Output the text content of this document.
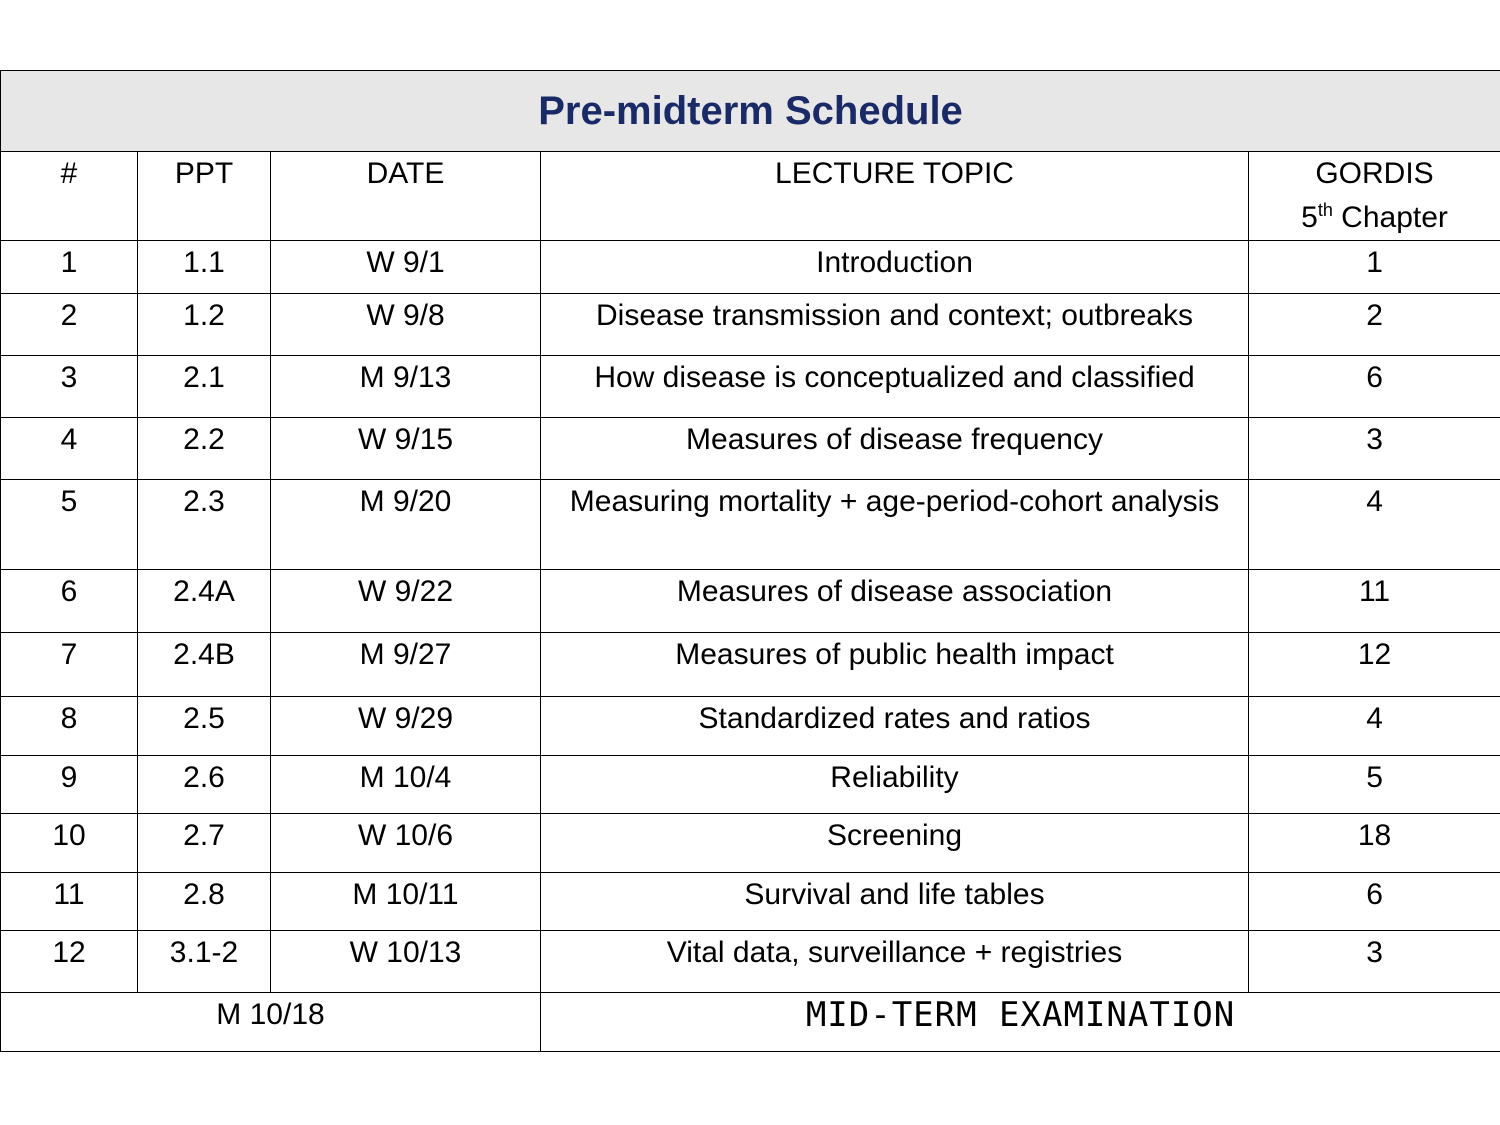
Pre-midterm Schedule				
#	PPT	DATE	LECTURE TOPIC	GORDIS
5th Chapter
1	1.1	W 9/1	Introduction	1
2	1.2	W 9/8	Disease transmission and context; outbreaks	2
3	2.1	M 9/13	How disease is conceptualized and classified	6
4	2.2	W 9/15	Measures of disease frequency	3
5	2.3	M 9/20	Measuring mortality + age-period-cohort analysis	4
6	2.4A	W 9/22	Measures of disease association	11
7	2.4B	M 9/27	Measures of public health impact	12
8	2.5	W 9/29	Standardized rates and ratios	4
9	2.6	M 10/4	Reliability	5
10	2.7	W 10/6	Screening	18
11	2.8	M 10/11	Survival and life tables	6
12	3.1-2	W 10/13	Vital data, surveillance + registries	3
M 10/18			MID-TERM EXAMINATION	
